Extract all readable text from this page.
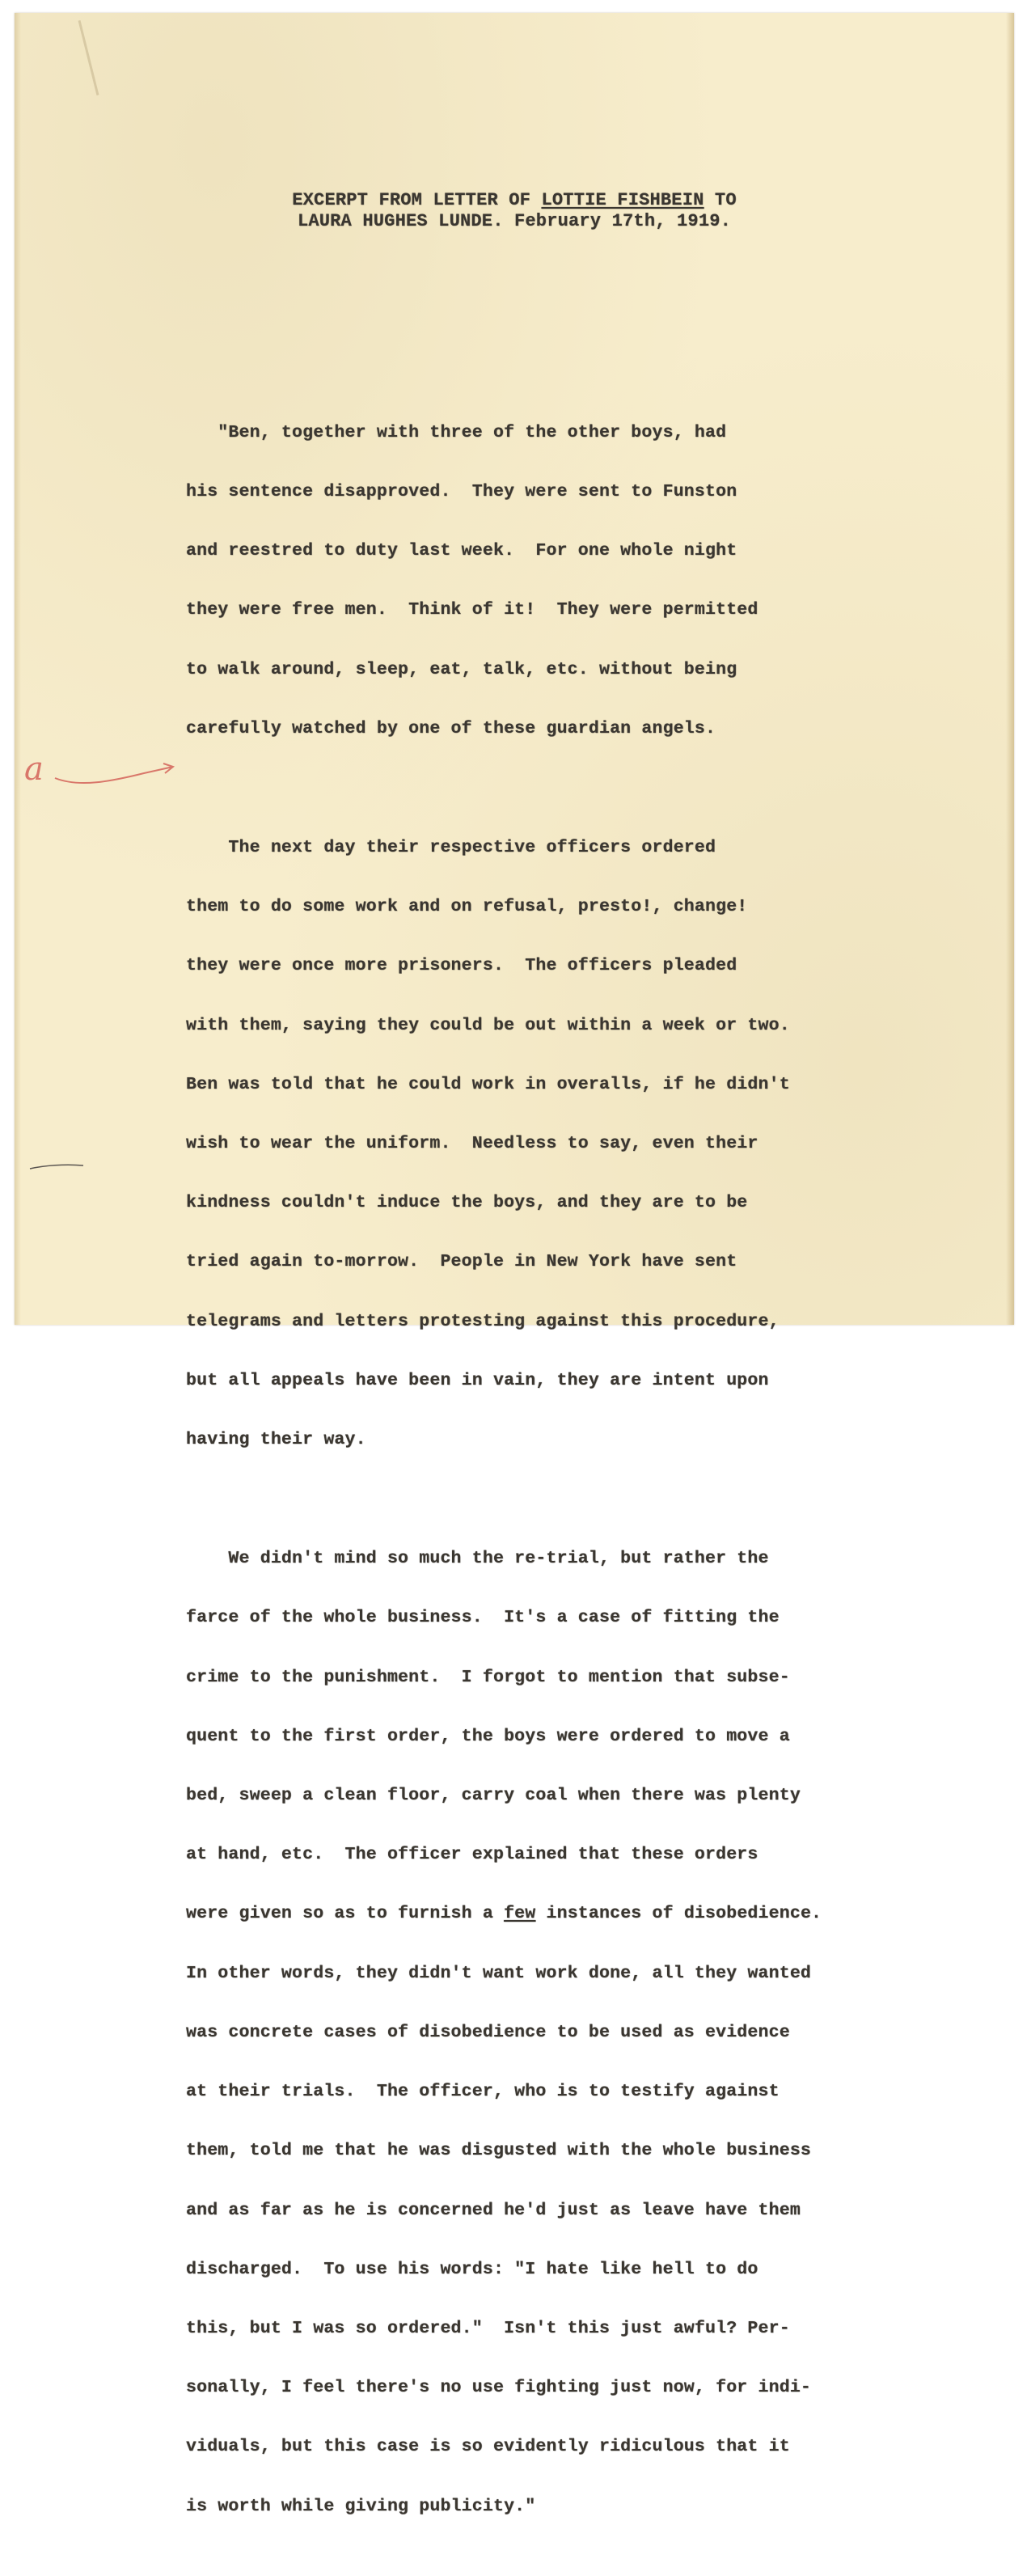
EXCERPT FROM LETTER OF LOTTIE FISHBEIN TO
LAURA HUGHES LUNDE. February 17th, 1919.

"Ben, together with three of the other boys, had

his sentence disapproved.  They were sent to Funston

and reestred to duty last week.  For one whole night

they were free men.  Think of it!  They were permitted

to walk around, sleep, eat, talk, etc. without being

carefully watched by one of these guardian angels.

The next day their respective officers ordered

them to do some work and on refusal, presto!, change!

they were once more prisoners.  The officers pleaded

with them, saying they could be out within a week or two.

Ben was told that he could work in overalls, if he didn't

wish to wear the uniform.  Needless to say, even their

kindness couldn't induce the boys, and they are to be

tried again to-morrow.  People in New York have sent

telegrams and letters protesting against this procedure,

but all appeals have been in vain, they are intent upon

having their way.

We didn't mind so much the re-trial, but rather the

farce of the whole business.  It's a case of fitting the

crime to the punishment.  I forgot to mention that subse-

quent to the first order, the boys were ordered to move a

bed, sweep a clean floor, carry coal when there was plenty

at hand, etc.  The officer explained that these orders

were given so as to furnish a few instances of disobedience.

In other words, they didn't want work done, all they wanted

was concrete cases of disobedience to be used as evidence

at their trials.  The officer, who is to testify against

them, told me that he was disgusted with the whole business

and as far as he is concerned he'd just as leave have them

discharged.  To use his words: "I hate like hell to do

this, but I was so ordered."  Isn't this just awful? Per-

sonally, I feel there's no use fighting just now, for indi-

viduals, but this case is so evidently ridiculous that it

is worth while giving publicity."

a
